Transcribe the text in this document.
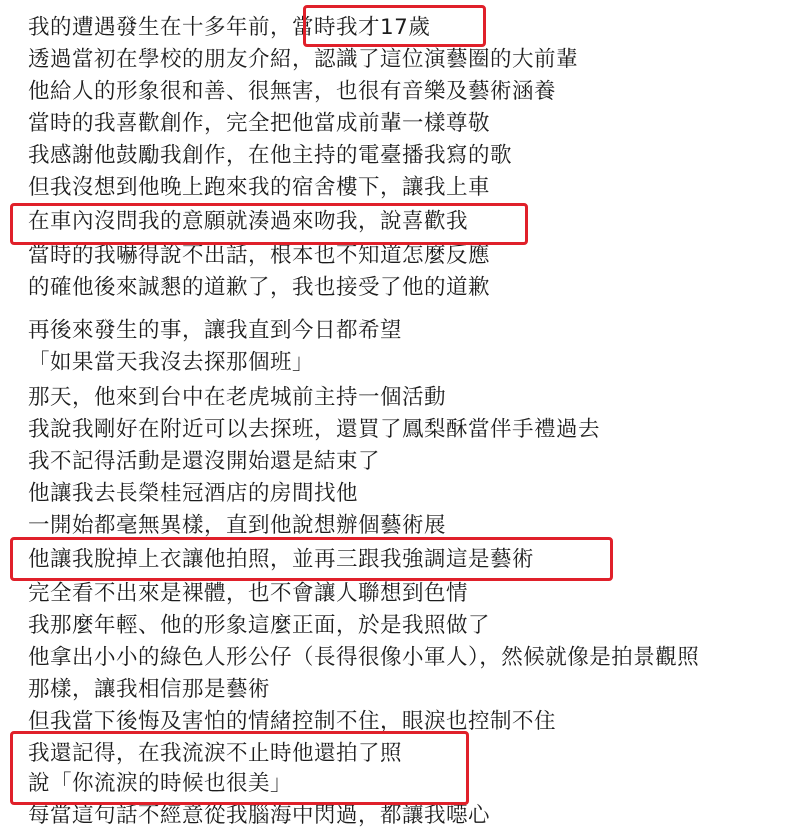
我的遭遇發生在十多年前，當時我才17歲
透過當初在學校的朋友介紹，認識了這位演藝圈的大前輩
他給人的形象很和善、很無害，也很有音樂及藝術涵養
當時的我喜歡創作，完全把他當成前輩一樣尊敬
我感謝他鼓勵我創作，在他主持的電臺播我寫的歌
但我沒想到他晚上跑來我的宿舍樓下，讓我上車
在車內沒問我的意願就湊過來吻我，說喜歡我
當時的我嚇得說不出話，根本也不知道怎麼反應
的確他後來誠懇的道歉了，我也接受了他的道歉
再後來發生的事，讓我直到今日都希望
「如果當天我沒去探那個班」
那天，他來到台中在老虎城前主持一個活動
我說我剛好在附近可以去探班，還買了鳳梨酥當伴手禮過去
我不記得活動是還沒開始還是結束了
他讓我去長榮桂冠酒店的房間找他
一開始都毫無異樣，直到他說想辦個藝術展
他讓我脫掉上衣讓他拍照，並再三跟我強調這是藝術
完全看不出來是裸體，也不會讓人聯想到色情
我那麼年輕、他的形象這麼正面，於是我照做了
他拿出小小的綠色人形公仔（長得很像小軍人），然候就像是拍景觀照
那樣，讓我相信那是藝術
但我當下後悔及害怕的情緒控制不住，眼淚也控制不住
我還記得，在我流淚不止時他還拍了照
說「你流淚的時候也很美」
每當這句話不經意從我腦海中閃過，都讓我噁心
